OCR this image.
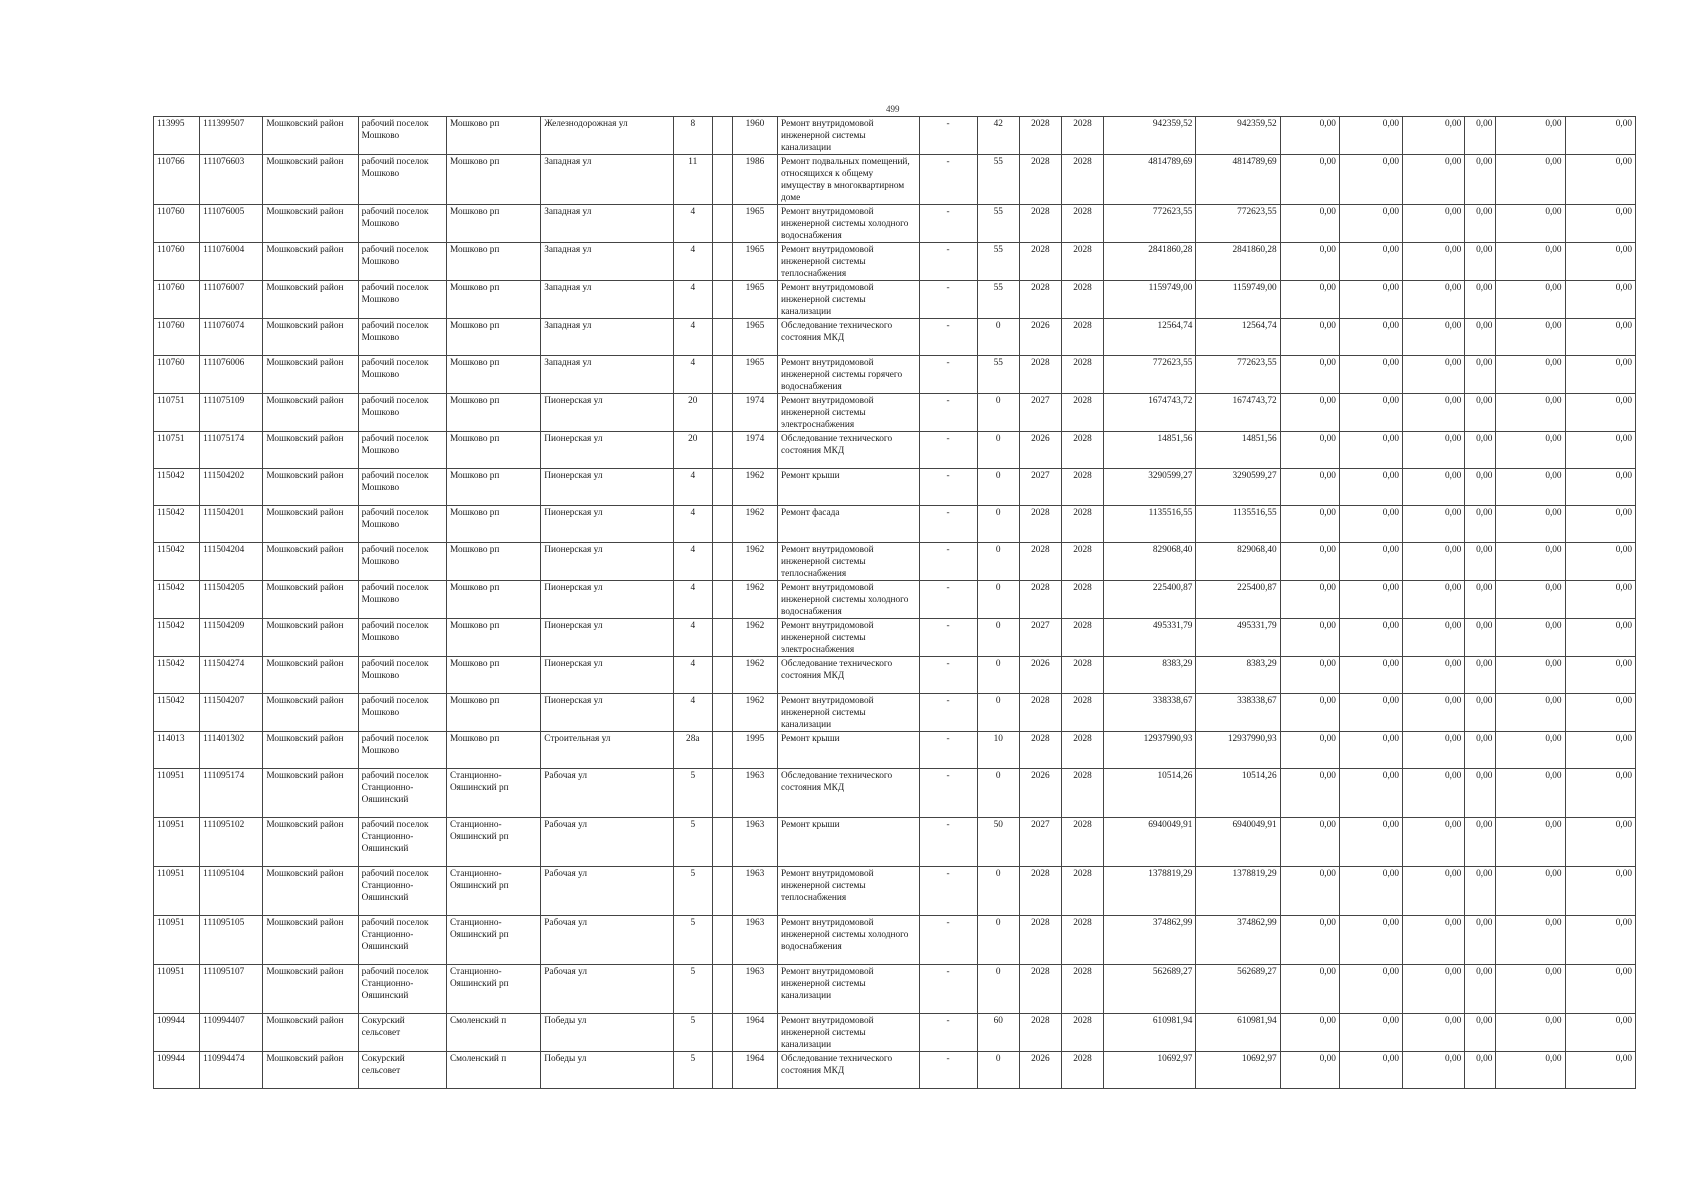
499
113995	111399507	Мошковский район	рабочий поселок Мошково	Мошково рп	Железнодорожная ул	8		1960	Ремонт внутридомовой инженерной системы канализации	-	42	2028	2028	942359,52	942359,52	0,00	0,00	0,00	0,00	0,00	0,00
110766	111076603	Мошковский район	рабочий поселок Мошково	Мошково рп	Западная ул	11		1986	Ремонт подвальных помещений, относящихся к общему имуществу в многоквартирном доме	-	55	2028	2028	4814789,69	4814789,69	0,00	0,00	0,00	0,00	0,00	0,00
110760	111076005	Мошковский район	рабочий поселок Мошково	Мошково рп	Западная ул	4		1965	Ремонт внутридомовой инженерной системы холодного водоснабжения	-	55	2028	2028	772623,55	772623,55	0,00	0,00	0,00	0,00	0,00	0,00
110760	111076004	Мошковский район	рабочий поселок Мошково	Мошково рп	Западная ул	4		1965	Ремонт внутридомовой инженерной системы теплоснабжения	-	55	2028	2028	2841860,28	2841860,28	0,00	0,00	0,00	0,00	0,00	0,00
110760	111076007	Мошковский район	рабочий поселок Мошково	Мошково рп	Западная ул	4		1965	Ремонт внутридомовой инженерной системы канализации	-	55	2028	2028	1159749,00	1159749,00	0,00	0,00	0,00	0,00	0,00	0,00
110760	111076074	Мошковский район	рабочий поселок Мошково	Мошково рп	Западная ул	4		1965	Обследование технического состояния МКД	-	0	2026	2028	12564,74	12564,74	0,00	0,00	0,00	0,00	0,00	0,00
110760	111076006	Мошковский район	рабочий поселок Мошково	Мошково рп	Западная ул	4		1965	Ремонт внутридомовой инженерной системы горячего водоснабжения	-	55	2028	2028	772623,55	772623,55	0,00	0,00	0,00	0,00	0,00	0,00
110751	111075109	Мошковский район	рабочий поселок Мошково	Мошково рп	Пионерская ул	20		1974	Ремонт внутридомовой инженерной системы электроснабжения	-	0	2027	2028	1674743,72	1674743,72	0,00	0,00	0,00	0,00	0,00	0,00
110751	111075174	Мошковский район	рабочий поселок Мошково	Мошково рп	Пионерская ул	20		1974	Обследование технического состояния МКД	-	0	2026	2028	14851,56	14851,56	0,00	0,00	0,00	0,00	0,00	0,00
115042	111504202	Мошковский район	рабочий поселок Мошково	Мошково рп	Пионерская ул	4		1962	Ремонт крыши	-	0	2027	2028	3290599,27	3290599,27	0,00	0,00	0,00	0,00	0,00	0,00
115042	111504201	Мошковский район	рабочий поселок Мошково	Мошково рп	Пионерская ул	4		1962	Ремонт фасада	-	0	2028	2028	1135516,55	1135516,55	0,00	0,00	0,00	0,00	0,00	0,00
115042	111504204	Мошковский район	рабочий поселок Мошково	Мошково рп	Пионерская ул	4		1962	Ремонт внутридомовой инженерной системы теплоснабжения	-	0	2028	2028	829068,40	829068,40	0,00	0,00	0,00	0,00	0,00	0,00
115042	111504205	Мошковский район	рабочий поселок Мошково	Мошково рп	Пионерская ул	4		1962	Ремонт внутридомовой инженерной системы холодного водоснабжения	-	0	2028	2028	225400,87	225400,87	0,00	0,00	0,00	0,00	0,00	0,00
115042	111504209	Мошковский район	рабочий поселок Мошково	Мошково рп	Пионерская ул	4		1962	Ремонт внутридомовой инженерной системы электроснабжения	-	0	2027	2028	495331,79	495331,79	0,00	0,00	0,00	0,00	0,00	0,00
115042	111504274	Мошковский район	рабочий поселок Мошково	Мошково рп	Пионерская ул	4		1962	Обследование технического состояния МКД	-	0	2026	2028	8383,29	8383,29	0,00	0,00	0,00	0,00	0,00	0,00
115042	111504207	Мошковский район	рабочий поселок Мошково	Мошково рп	Пионерская ул	4		1962	Ремонт внутридомовой инженерной системы канализации	-	0	2028	2028	338338,67	338338,67	0,00	0,00	0,00	0,00	0,00	0,00
114013	111401302	Мошковский район	рабочий поселок Мошково	Мошково рп	Строительная ул	28а		1995	Ремонт крыши	-	10	2028	2028	12937990,93	12937990,93	0,00	0,00	0,00	0,00	0,00	0,00
110951	111095174	Мошковский район	рабочий поселок Станционно-Ояшинский	Станционно-Ояшинский рп	Рабочая ул	5		1963	Обследование технического состояния МКД	-	0	2026	2028	10514,26	10514,26	0,00	0,00	0,00	0,00	0,00	0,00
110951	111095102	Мошковский район	рабочий поселок Станционно-Ояшинский	Станционно-Ояшинский рп	Рабочая ул	5		1963	Ремонт крыши	-	50	2027	2028	6940049,91	6940049,91	0,00	0,00	0,00	0,00	0,00	0,00
110951	111095104	Мошковский район	рабочий поселок Станционно-Ояшинский	Станционно-Ояшинский рп	Рабочая ул	5		1963	Ремонт внутридомовой инженерной системы теплоснабжения	-	0	2028	2028	1378819,29	1378819,29	0,00	0,00	0,00	0,00	0,00	0,00
110951	111095105	Мошковский район	рабочий поселок Станционно-Ояшинский	Станционно-Ояшинский рп	Рабочая ул	5		1963	Ремонт внутридомовой инженерной системы холодного водоснабжения	-	0	2028	2028	374862,99	374862,99	0,00	0,00	0,00	0,00	0,00	0,00
110951	111095107	Мошковский район	рабочий поселок Станционно-Ояшинский	Станционно-Ояшинский рп	Рабочая ул	5		1963	Ремонт внутридомовой инженерной системы канализации	-	0	2028	2028	562689,27	562689,27	0,00	0,00	0,00	0,00	0,00	0,00
109944	110994407	Мошковский район	Сокурский сельсовет	Смоленский п	Победы ул	5		1964	Ремонт внутридомовой инженерной системы канализации	-	60	2028	2028	610981,94	610981,94	0,00	0,00	0,00	0,00	0,00	0,00
109944	110994474	Мошковский район	Сокурский сельсовет	Смоленский п	Победы ул	5		1964	Обследование технического состояния МКД	-	0	2026	2028	10692,97	10692,97	0,00	0,00	0,00	0,00	0,00	0,00
